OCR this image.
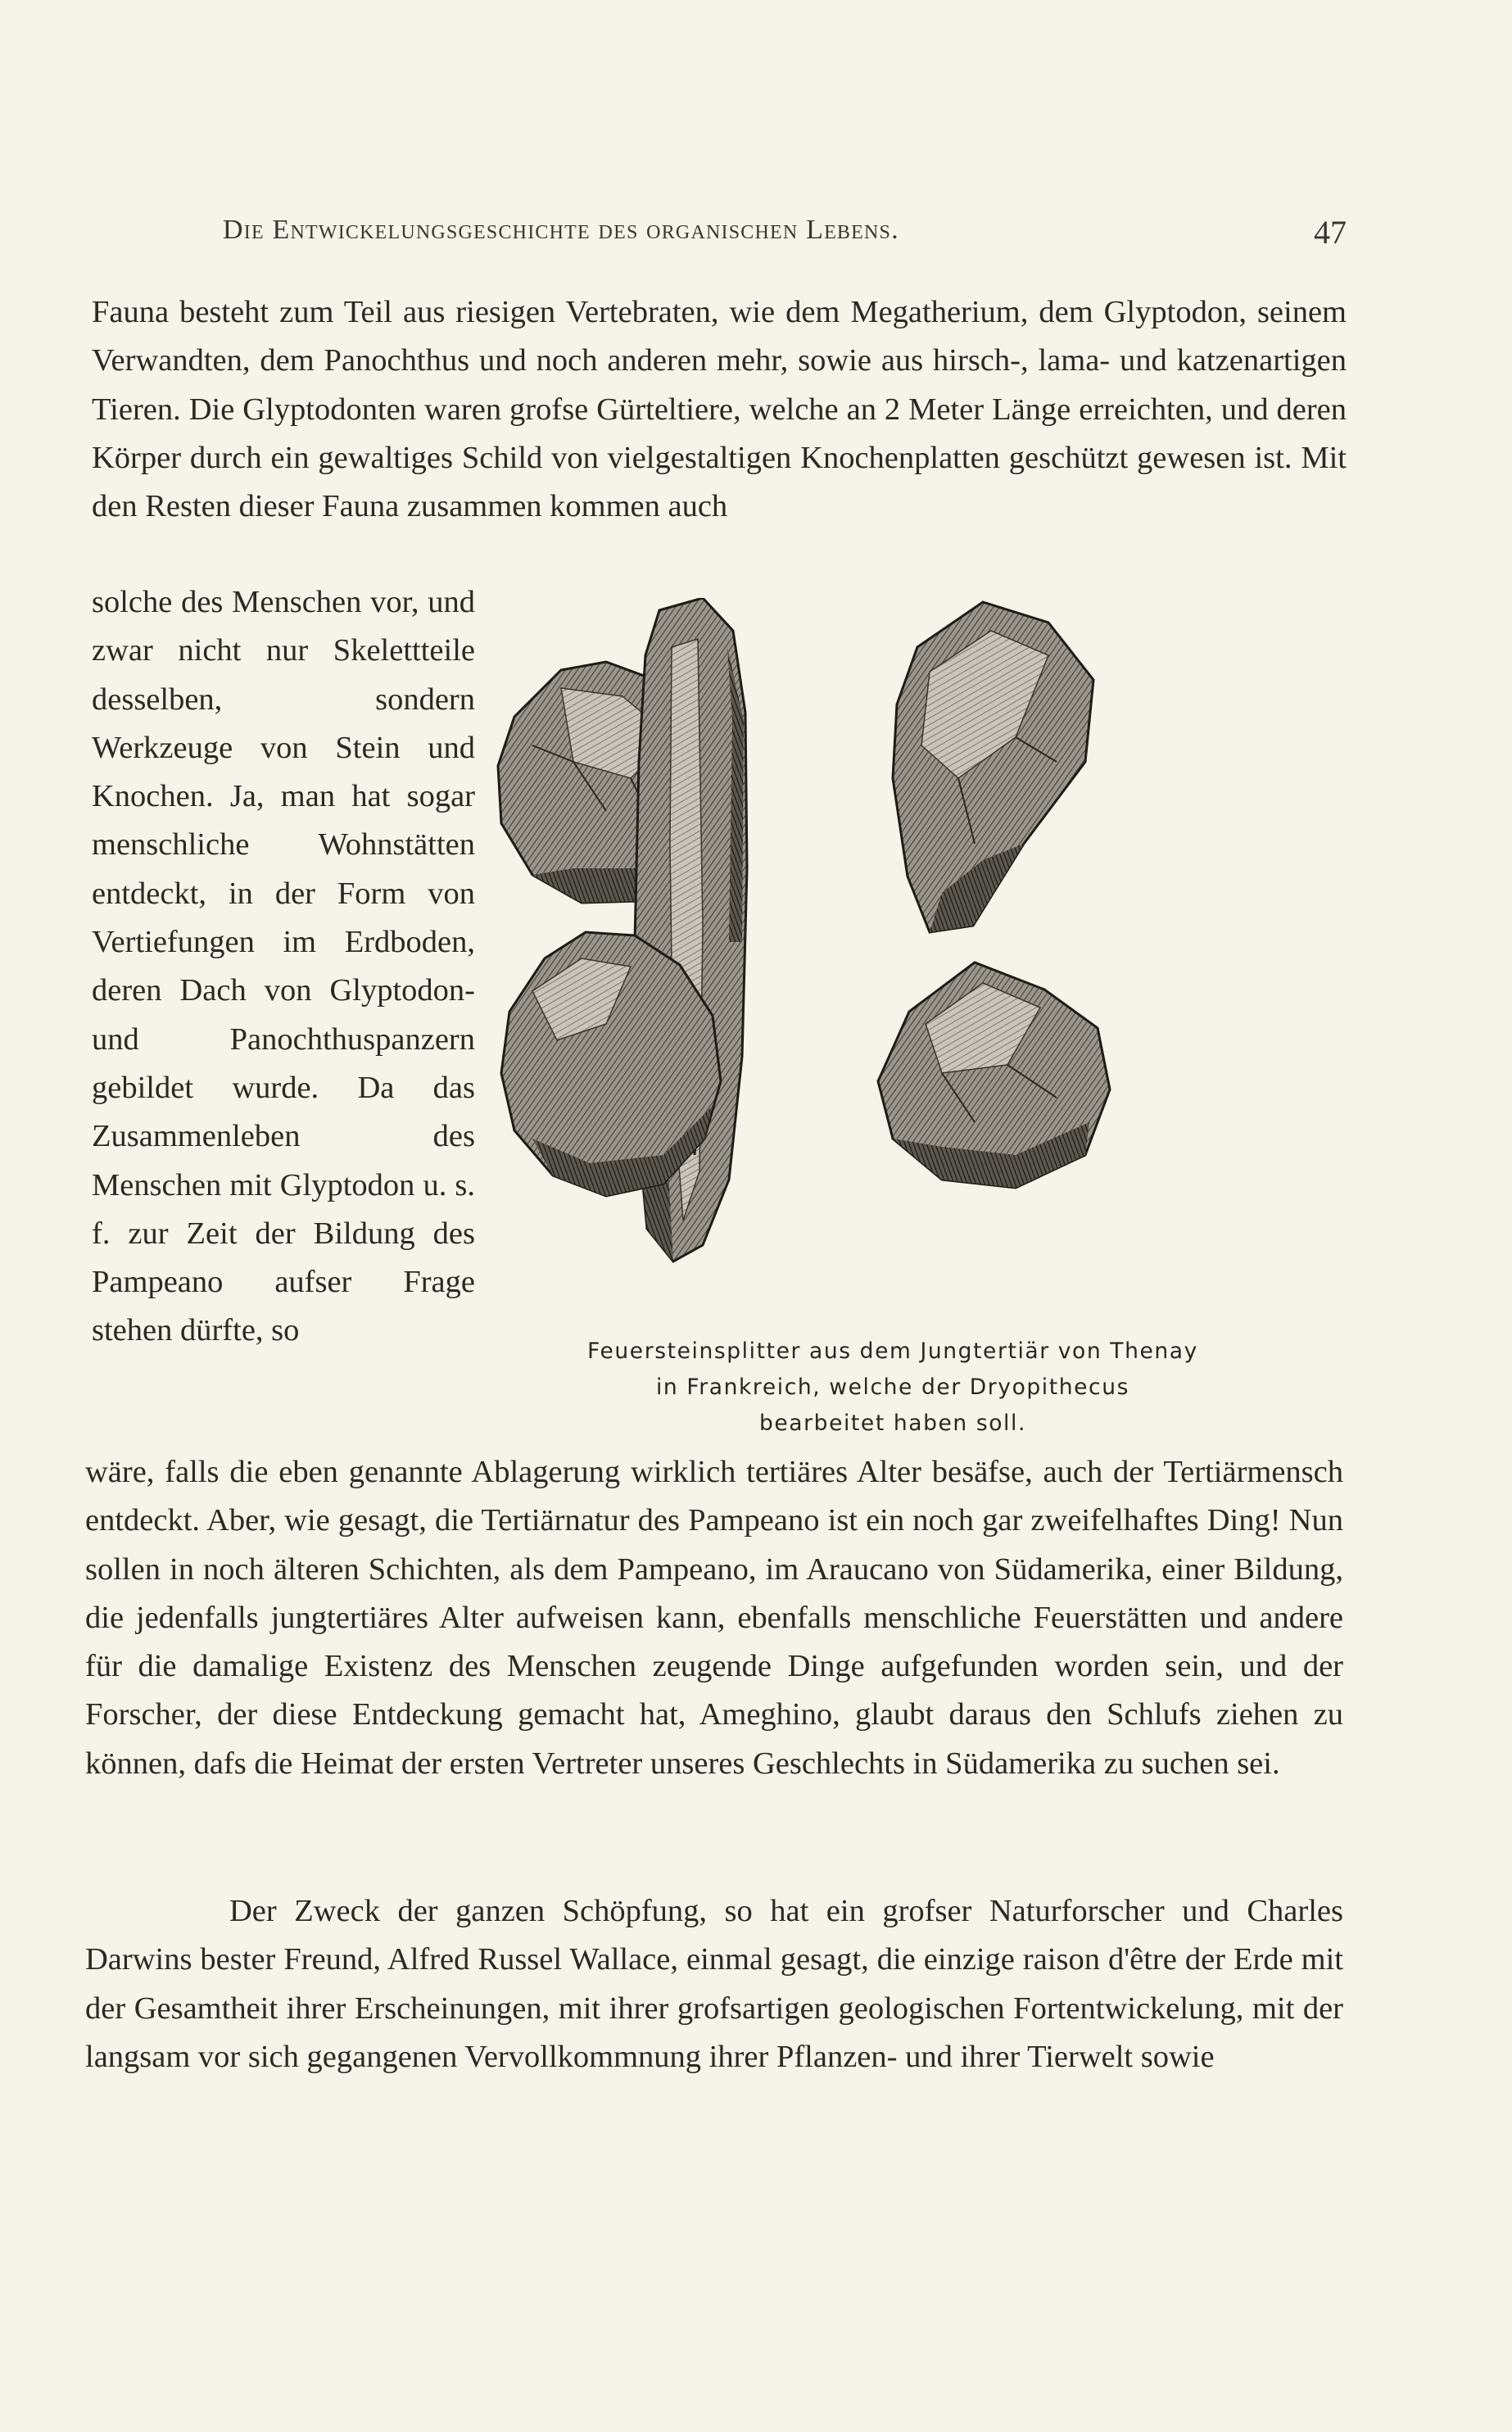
Die Entwickelungsgeschichte des organischen Lebens.	47

Fauna besteht zum Teil aus riesigen Vertebraten, wie dem Megatherium, dem Glyptodon, seinem Verwandten, dem Panochthus und noch anderen mehr, sowie aus hirsch-, lama- und katzenartigen Tieren. Die Glyptodonten waren grofse Gürteltiere, welche an 2 Meter Länge erreichten, und deren Körper durch ein gewaltiges Schild von vielgestaltigen Knochenplatten geschützt gewesen ist. Mit den Resten dieser Fauna zusammen kommen auch

solche des Menschen vor, und zwar nicht nur Skelettteile desselben, sondern Werkzeuge von Stein und Knochen. Ja, man hat sogar menschliche Wohnstätten entdeckt, in der Form von Vertiefungen im Erdboden, deren Dach von Glyptodon- und Panochthuspanzern gebildet wurde. Da das Zusammenleben des Menschen mit Glyptodon u. s. f. zur Zeit der Bildung des Pampeano aufser Frage stehen dürfte, so

Feuersteinsplitter aus dem Jungtertiär von Thenay
in Frankreich, welche der Dryopithecus
bearbeitet haben soll.

wäre, falls die eben genannte Ablagerung wirklich tertiäres Alter besäfse, auch der Tertiärmensch entdeckt. Aber, wie gesagt, die Tertiärnatur des Pampeano ist ein noch gar zweifelhaftes Ding! Nun sollen in noch älteren Schichten, als dem Pampeano, im Araucano von Südamerika, einer Bildung, die jedenfalls jungtertiäres Alter aufweisen kann, ebenfalls menschliche Feuerstätten und andere für die damalige Existenz des Menschen zeugende Dinge aufgefunden worden sein, und der Forscher, der diese Entdeckung gemacht hat, Ameghino, glaubt daraus den Schlufs ziehen zu können, dafs die Heimat der ersten Vertreter unseres Geschlechts in Südamerika zu suchen sei.

Der Zweck der ganzen Schöpfung, so hat ein grofser Naturforscher und Charles Darwins bester Freund, Alfred Russel Wallace, einmal gesagt, die einzige raison d'être der Erde mit der Gesamtheit ihrer Erscheinungen, mit ihrer grofsartigen geologischen Fortentwickelung, mit der langsam vor sich gegangenen Vervollkommnung ihrer Pflanzen- und ihrer Tierwelt sowie
